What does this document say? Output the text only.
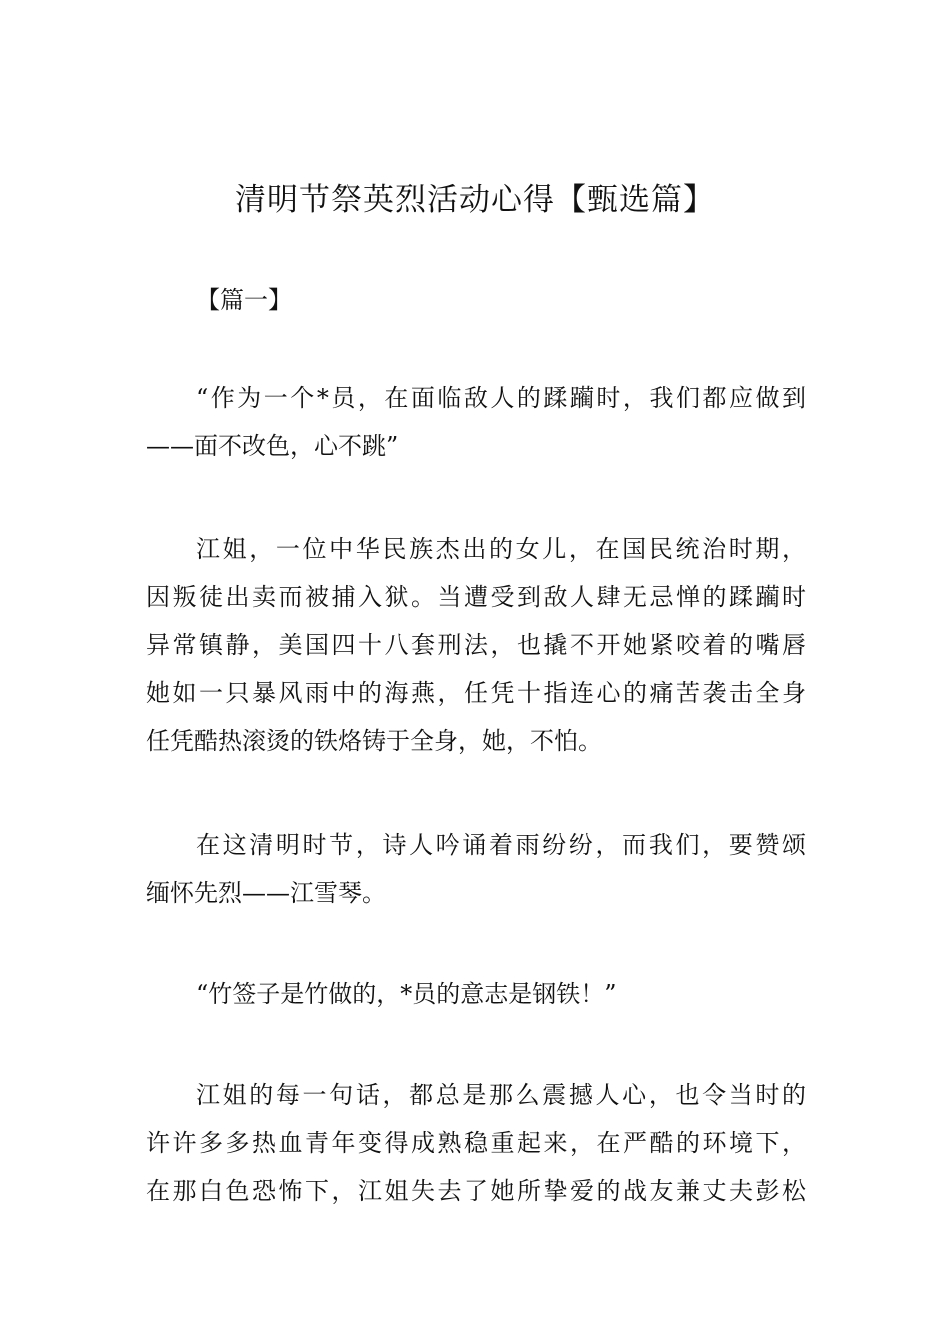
清明节祭英烈活动心得【甄选篇】
【篇一】
“作为一个*员，在面临敌人的蹂躏时，我们都应做到
——面不改色，心不跳”
江姐，一位中华民族杰出的女儿，在国民统治时期，
因叛徒出卖而被捕入狱。当遭受到敌人肆无忌惮的蹂躏时
异常镇静，美国四十八套刑法，也撬不开她紧咬着的嘴唇
她如一只暴风雨中的海燕，任凭十指连心的痛苦袭击全身
任凭酷热滚烫的铁烙铸于全身，她，不怕。
在这清明时节，诗人吟诵着雨纷纷，而我们，要赞颂
缅怀先烈——江雪琴。
“竹签子是竹做的，*员的意志是钢铁！”
江姐的每一句话，都总是那么震撼人心，也令当时的
许许多多热血青年变得成熟稳重起来，在严酷的环境下，
在那白色恐怖下，江姐失去了她所挚爱的战友兼丈夫彭松
